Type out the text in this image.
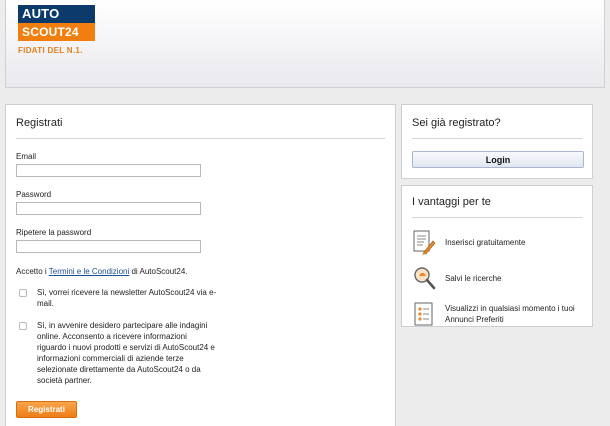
AUTO
SCOUT24
FIDATI DEL N.1.
Registrati
Email
Password
Ripetere la password
Accetto i Termini e le Condizioni di AutoScout24.
Sì, vorrei ricevere la newsletter AutoScout24 via e-mail.
Sì, in avvenire desidero partecipare alle indagini online. Acconsento a ricevere informazioni riguardo i nuovi prodotti e servizi di AutoScout24 e informazioni commerciali di aziende terze selezionate direttamente da AutoScout24 o da società partner.
Registrati
Sei già registrato?
Login
I vantaggi per te
Inserisci gratuitamente
Salvi le ricerche
Visualizzi in qualsiasi momento i tuoi Annunci Preferiti
